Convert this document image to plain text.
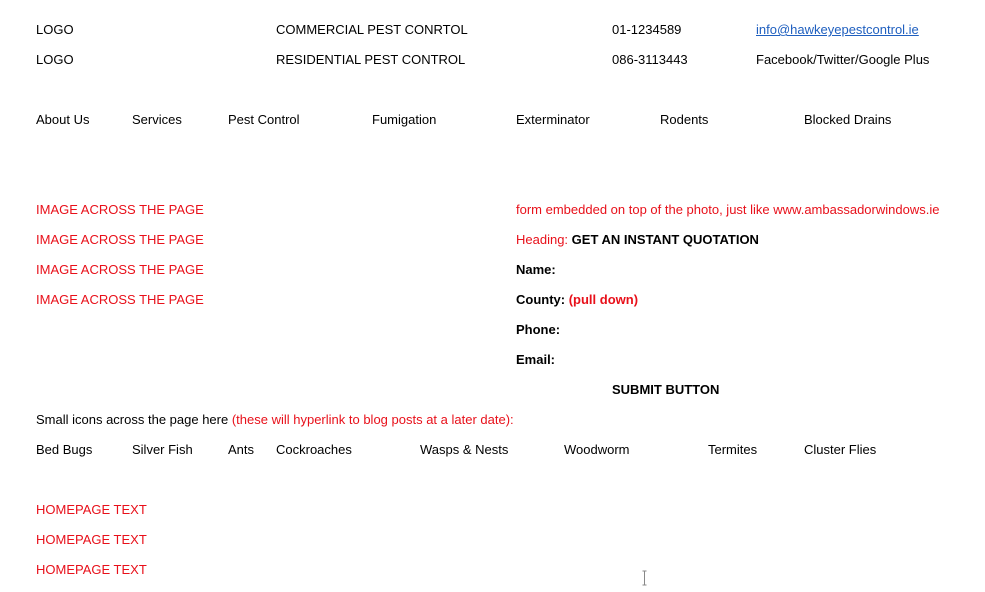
LOGO	COMMERCIAL PEST CONRTOL	01-1234589	info@hawkeyepestcontrol.ie
LOGO	RESIDENTIAL PEST CONTROL	086-3113443	Facebook/Twitter/Google Plus
About Us	Services	Pest Control	Fumigation	Exterminator	Rodents	Blocked Drains
IMAGE ACROSS THE PAGE
IMAGE ACROSS THE PAGE
IMAGE ACROSS THE PAGE
IMAGE ACROSS THE PAGE
form embedded on top of the photo, just like www.ambassadorwindows.ie
Heading: GET AN INSTANT QUOTATION
Name:
County: (pull down)
Phone:
Email:
SUBMIT BUTTON
Small icons across the page here (these will hyperlink to blog posts at a later date):
Bed Bugs	Silver Fish	Ants Cockroaches	Wasps & Nests	Woodworm	Termites	Cluster Flies
HOMEPAGE TEXT
HOMEPAGE TEXT
HOMEPAGE TEXT
